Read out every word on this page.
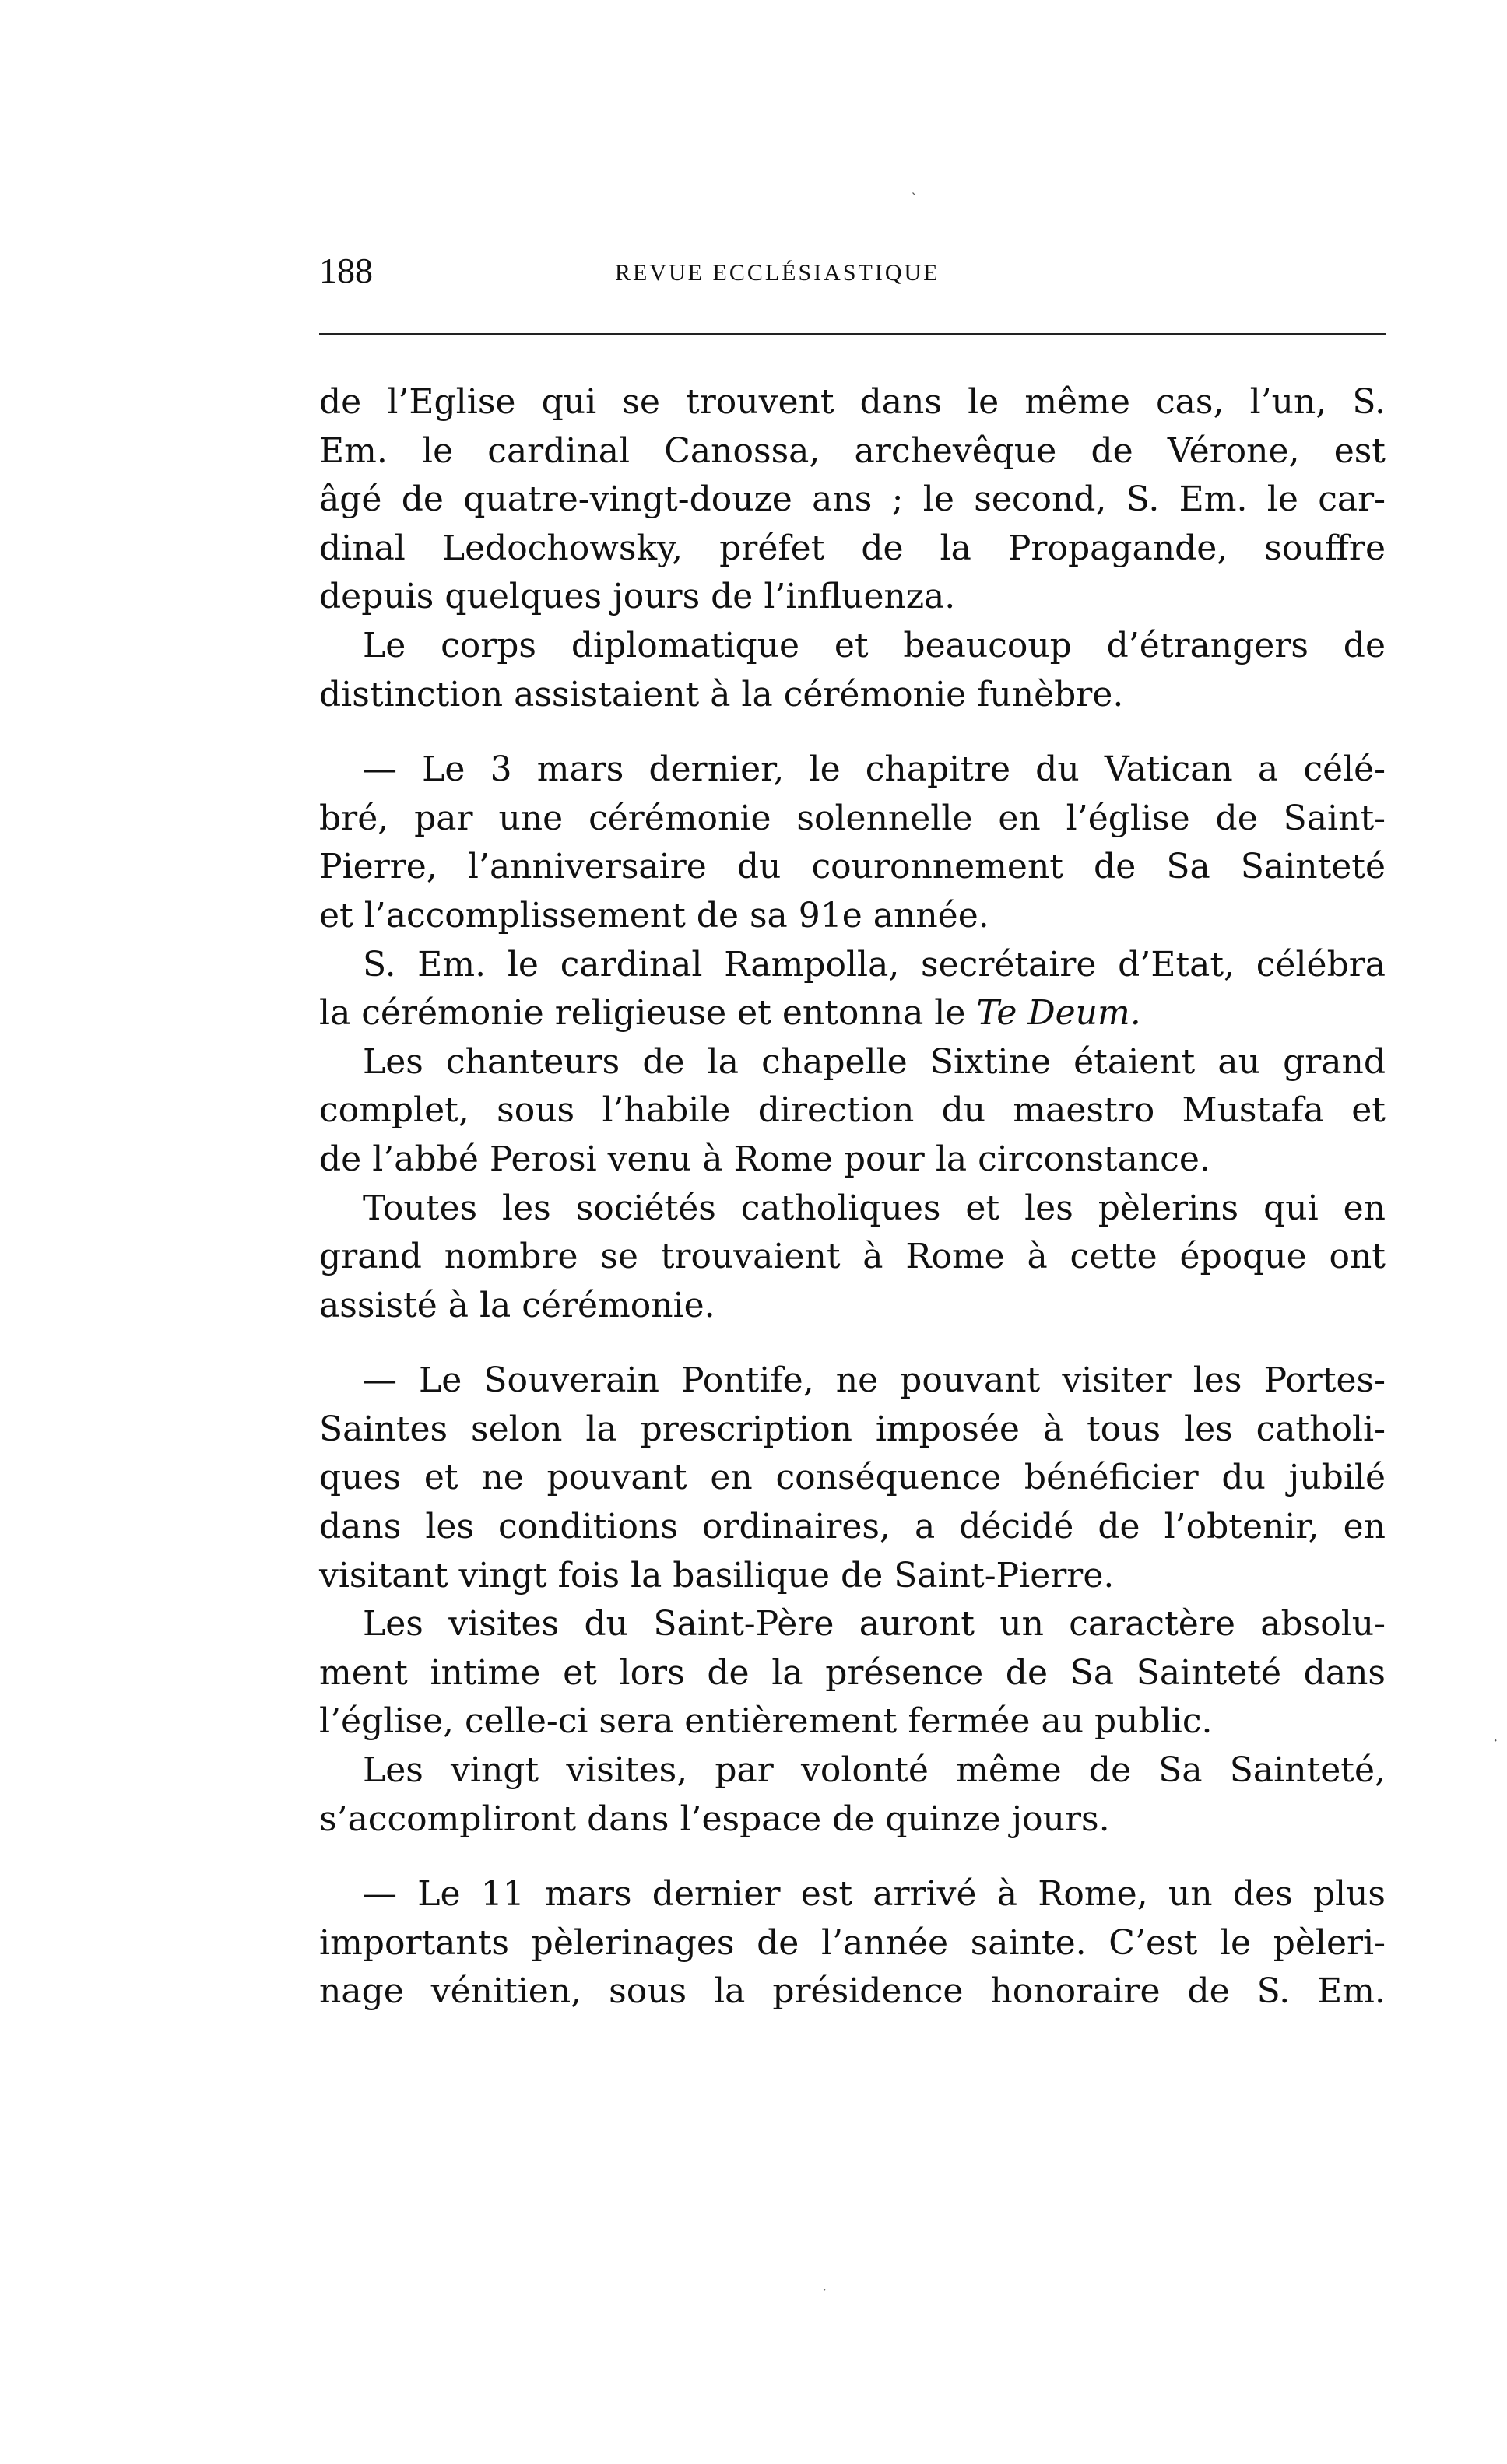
`
188	REVUE ECCLÉSIASTIQUE
de l’Eglise qui se trouvent dans le même cas, l’un, S.
Em. le cardinal Canossa, archevêque de Vérone, est
âgé de quatre-vingt-douze ans ; le second, S. Em. le car-
dinal Ledochowsky, préfet de la Propagande, souffre
depuis quelques jours de l’influenza.
Le corps diplomatique et beaucoup d’étrangers de
distinction assistaient à la cérémonie funèbre.
— Le 3 mars dernier, le chapitre du Vatican a célé-
bré, par une cérémonie solennelle en l’église de Saint-
Pierre, l’anniversaire du couronnement de Sa Sainteté
et l’accomplissement de sa 91e année.
S. Em. le cardinal Rampolla, secrétaire d’Etat, célébra
la cérémonie religieuse et entonna le Te Deum.
Les chanteurs de la chapelle Sixtine étaient au grand
complet, sous l’habile direction du maestro Mustafa et
de l’abbé Perosi venu à Rome pour la circonstance.
Toutes les sociétés catholiques et les pèlerins qui en
grand nombre se trouvaient à Rome à cette époque ont
assisté à la cérémonie.
— Le Souverain Pontife, ne pouvant visiter les Portes-
Saintes selon la prescription imposée à tous les catholi-
ques et ne pouvant en conséquence bénéficier du jubilé
dans les conditions ordinaires, a décidé de l’obtenir, en
visitant vingt fois la basilique de Saint-Pierre.
Les visites du Saint-Père auront un caractère absolu-
ment intime et lors de la présence de Sa Sainteté dans
l’église, celle-ci sera entièrement fermée au public.
Les vingt visites, par volonté même de Sa Sainteté,
s’accompliront dans l’espace de quinze jours.
— Le 11 mars dernier est arrivé à Rome, un des plus
importants pèlerinages de l’année sainte. C’est le pèleri-
nage vénitien, sous la présidence honoraire de S. Em.
·
·
